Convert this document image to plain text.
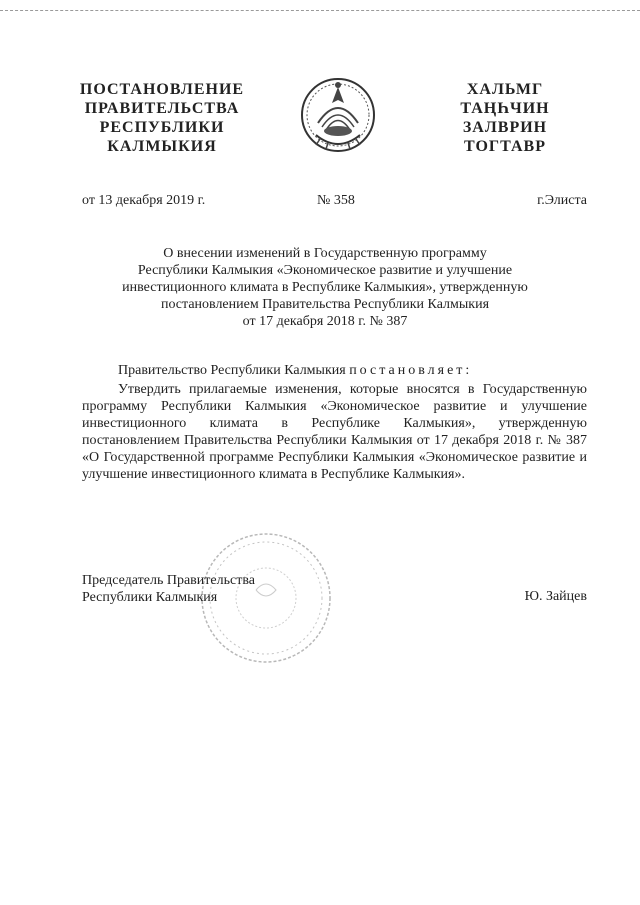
ПОСТАНОВЛЕНИЕ
ПРАВИТЕЛЬСТВА
РЕСПУБЛИКИ
КАЛМЫКИЯ
ХАЛЬМГ
ТАҢҺЧИН
ЗАЛВРИН
ТОГТАВР
от 13 декабря 2019 г.	№ 358	г.Элиста
О внесении изменений в Государственную программу
Республики Калмыкия «Экономическое развитие и улучшение
инвестиционного климата в Республике Калмыкия», утвержденную
постановлением Правительства Республики Калмыкия
от 17 декабря 2018 г. № 387
Правительство Республики Калмыкия постановляет:
Утвердить прилагаемые изменения, которые вносятся в Государственную программу Республики Калмыкия «Экономическое развитие и улучшение инвестиционного климата в Республике Калмыкия», утвержденную постановлением Правительства Республики Калмыкия от 17 декабря 2018 г. № 387 «О Государственной программе Республики Калмыкия «Экономическое развитие и улучшение инвестиционного климата в Республике Калмыкия».
Председатель Правительства
Республики Калмыкия	Ю. Зайцев
